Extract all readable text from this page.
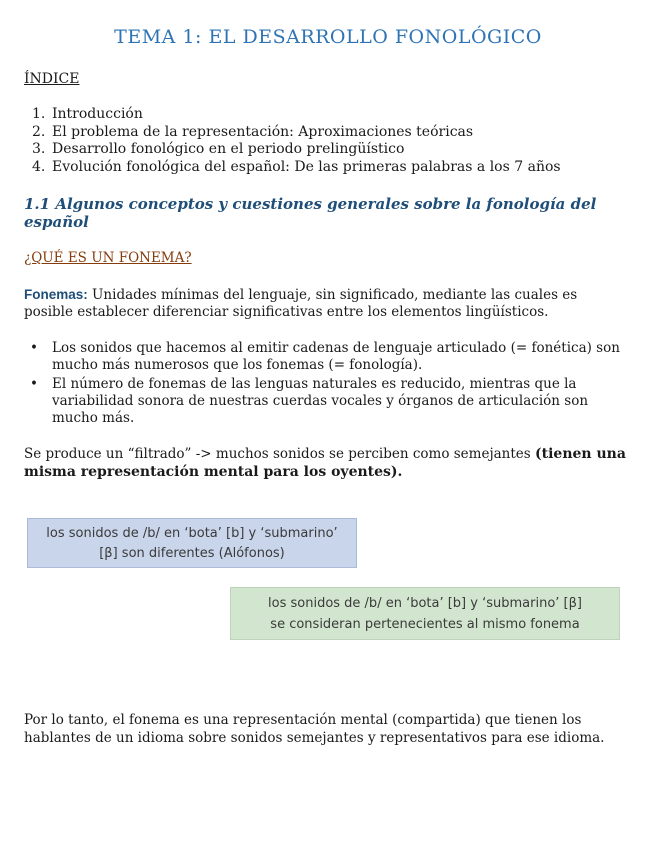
TEMA 1: EL DESARROLLO FONOLÓGICO
ÍNDICE
1. Introducción
2. El problema de la representación: Aproximaciones teóricas
3. Desarrollo fonológico en el periodo prelingüístico
4. Evolución fonológica del español: De las primeras palabras a los 7 años
1.1 Algunos conceptos y cuestiones generales sobre la fonología del español
¿QUÉ ES UN FONEMA?
Fonemas: Unidades mínimas del lenguaje, sin significado, mediante las cuales es posible establecer diferenciar significativas entre los elementos lingüísticos.
•	Los sonidos que hacemos al emitir cadenas de lenguaje articulado (= fonética) son mucho más numerosos que los fonemas (= fonología).
•	El número de fonemas de las lenguas naturales es reducido, mientras que la variabilidad sonora de nuestras cuerdas vocales y órganos de articulación son mucho más.
Se produce un “filtrado” -> muchos sonidos se perciben como semejantes (tienen una misma representación mental para los oyentes).
los sonidos de /b/ en ‘bota’ [b] y ‘submarino’
[β] son diferentes (Alófonos)
los sonidos de /b/ en ‘bota’ [b] y ‘submarino’ [β]
se consideran pertenecientes al mismo fonema
Por lo tanto, el fonema es una representación mental (compartida) que tienen los hablantes de un idioma sobre sonidos semejantes y representativos para ese idioma.
